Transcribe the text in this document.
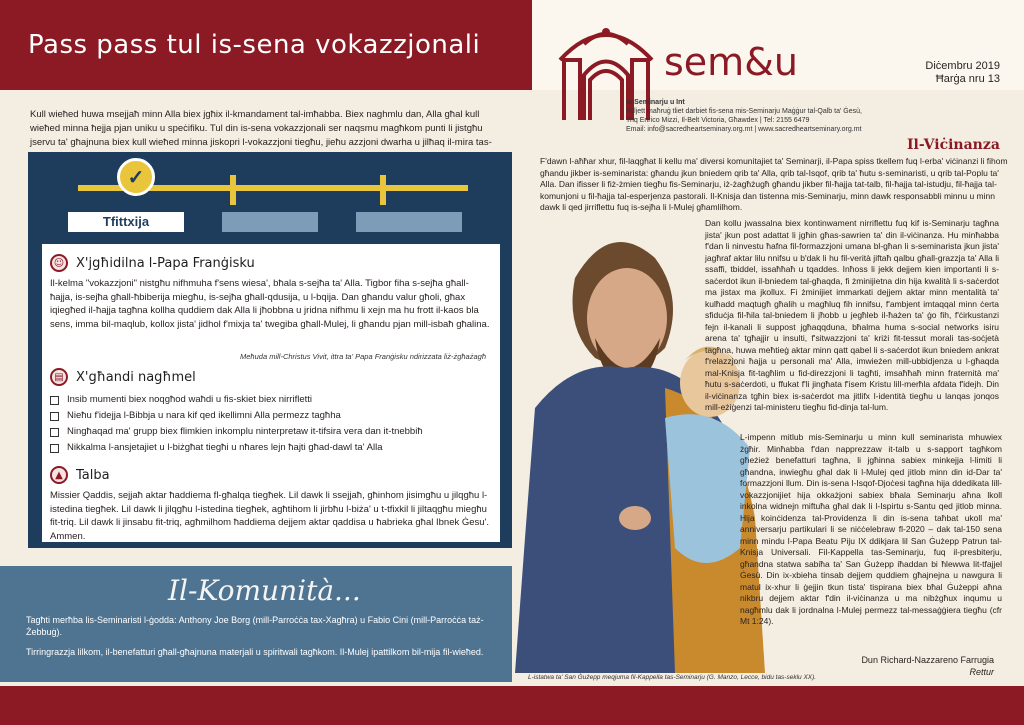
Pass pass tul is-sena vokazzjonali	sem&u	Diċembru 2019
Ħarġa nru 13
Is-Seminarju u Int
Fuljett maħruġ tliet darbiet fis-sena mis-Seminarju Maġġur tal-Qalb ta' Ġesù,
Triq Enrico Mizzi, Il-Belt Victoria, Għawdex | Tel: 2155 6479
Email: info@sacredheartseminary.org.mt | www.sacredheartseminary.org.mt
Kull wieħed huwa msejjaħ minn Alla biex jgħix il-kmandament tal-imħabba. Biex naghmlu dan, Alla għal kull wieħed minna ħejja pjan uniku u speċifiku. Tul din is-sena vokazzjonali ser naqsmu magħkom punti li jistgħu jservu ta' għajnuna biex kull wieħed minna jiskopri l-vokazzjoni tiegħu, jieħu azzjoni dwarha u jilħaq il-mira tas-
✓
Tfittxija
☺ X'jgħidilna l-Papa Franġisku

Il-kelma "vokazzjoni" nistgħu nifhmuha f'sens wiesa', bħala s-sejħa ta' Alla. Tigbor fiha s-sejħa għall-ħajja, is-sejħa għall-ħbiberija miegħu, is-sejħa għall-qdusija, u l-bqija. Dan għandu valur għoli, għax iqiegħed il-ħajja tagħna kollha quddiem dak Alla li jħobbna u jridna nifhmu li xejn ma hu frott il-kaos bla sens, imma bil-maqlub, kollox jista' jidhol f'mixja ta' twegiba għall-Mulej, li għandu pjan mill-isbaħ għalina.

Meħuda mill-Christus Vivit, ittra ta' Papa Franġisku ndirizzata liż-żgħażagħ
▤ X'għandi nagħmel
Insib mumenti biex noqgħod waħdi u fis-skiet biex nirrifletti
Nieħu f'idejja l-Bibbja u nara kif qed ikellimni Alla permezz tagħha
Ningħaqad ma' grupp biex flimkien inkomplu ninterpretaw it-tifsira vera dan it-tnebbiħ
Nikkalma l-ansjetajiet u l-biżgħat tiegħi u nħares lejn ħajti għad-dawl ta' Alla
▲	Talba

Missier Qaddis, sejjaħ aktar ħaddiema fl-għalqa tiegħek. Lil dawk li ssejjaħ, għinhom jisimgħu u jilqgħu l-istedina tiegħek. Lil dawk li jilqgħu l-istedina tiegħek, agħtihom li jirbħu l-biża' u t-tfixkil li jiltaqgħu miegħu fit-triq. Lil dawk li jinsabu fit-triq, agħmilhom ħaddiema dejjem aktar qaddisa u ħabrieka għal Ibnek Ġesu'. Ammen.

Il-Komunità...

Tagħti merħba lis-Seminaristi l-ġodda: Anthony Joe Borg (mill-Parroċċa tax-Xagħra) u Fabio Cini (mill-Parroċċa taż-Żebbuġ).

Tirringrazzja lilkom, il-benefatturi għall-għajnuna materjali u spiritwali tagħkom. Il-Mulej ipattilkom bil-mija fil-wieħed.

Il-Viċinanza
F'dawn l-aħħar xhur, fil-laqgħat li kellu ma' diversi komunitajiet ta' Seminarji, il-Papa spiss tkellem fuq l-erba' viċinanzi li fihom għandu jikber is-seminarista: għandu jkun bniedem qrib ta' Alla, qrib tal-Isqof, qrib ta' ħutu s-seminaristi, u qrib tal-Poplu ta' Alla. Dan ifisser li fiż-żmien tiegħu fis-Seminarju, iż-żagħżugħ għandu jikber fil-ħajja tat-talb, fil-ħajja tal-istudju, fil-ħajja tal-komunjoni u fil-ħajja tal-esperjenza pastorali. Il-Knisja dan tistenna mis-Seminarju, minn dawk responsabbli minnu u minn dawk li qed jirriflettu fuq is-sejħa li l-Mulej għamlilhom.
Dan kollu jwassalna biex kontinwament nirriflettu fuq kif is-Seminarju tagħna jista' jkun post adattat li jgħin għas-sawrien ta' din il-viċinanza. Hu minħabba f'dan li ninvestu ħafna fil-formazzjoni umana bl-għan li s-seminarista jkun jista' jagħraf aktar lilu nnifsu u b'dak li hu fil-verità jiftaħ qalbu għall-grazzja ta' Alla li ssaffi, tbiddel, issaħħaħ u tqaddes. Inħoss li jekk dejjem kien importanti li s-saċerdot ikun il-bniedem tal-għaqda, fi żminijietna din hija kwalità li s-saċerdot ma jistax ma jkollux. Fi żminijiet immarkati dejjem aktar minn mentalità ta' kulħadd maqtugħ għalih u magħluq fih innifsu, f'ambjent imtaqqal minn ċerta sfiduċja fil-ħila tal-bniedem li jħobb u jegħleb il-ħażen ta' ġo fih, f'ċirkustanzi fejn il-kanali li suppost jgħaqqduna, bħalma huma s-social networks isiru arena ta' tgħajjir u insulti, f'sitwazzjoni ta' kriżi fit-tessut morali tas-soċjetà tagħna, huwa meħtieġ aktar minn qatt qabel li s-saċerdot ikun bniedem ankrat f'relazzjoni ħajja u personali ma' Alla, imwieżen mill-ubbidjenza u l-għaqda mal-Knisja fit-tagħlim u fid-direzzjoni li tagħti, imsaħħaħ minn fraternità ma' ħutu s-saċerdoti, u ffukat f'li jingħata f'isem Kristu lill-merħla afdata f'idejh. Din il-viċinanza tgħin biex is-saċerdot ma jitlifx l-identità tiegħu u lanqas jonqos mill-eżiġenzi tal-ministeru tiegħu fid-dinja tal-lum.
L-impenn mitlub mis-Seminarju u minn kull seminarista mhuwiex żgħir. Minħabba f'dan napprezzaw it-talb u s-sapport tagħkom għeżież benefatturi tagħna, li jgħinna sabiex minkejja l-limiti li għandna, inwiegħu għal dak li l-Mulej qed jitlob minn din id-Dar ta' formazzjoni llum. Din is-sena l-Isqof-Djoċesi tagħna hija ddedikata lill-vokazzjonijiet hija okkażjoni sabiex bħala Seminarju aħna lkoll inkolna widnejn miftuħa għal dak li l-Ispirtu s-Santu qed jitlob minna. Hija koinċidenza tal-Providenza li din is-sena taħbat ukoll ma' anniversarju partikulari li se niċċelebraw fl-2020 – dak tal-150 sena minn mindu l-Papa Beatu Piju IX ddikjara lil San Ġużepp Patrun tal-Knisja Universali. Fil-Kappella tas-Seminarju, fuq il-presbiterju, għandna statwa sabiħa ta' San Ġużepp iħaddan bi ħlewwa lit-tfajjel Ġesù. Din ix-xbieha tinsab dejjem quddiem għajnejna u nawgura li matul ix-xhur li ġejjin tkun tista' tispirana biex bħal Ġużeppi aħna nikbru dejjem aktar f'din il-viċinanza u ma nibżgħux inqumu u nagħmlu dak li jordnalna l-Mulej permezz tal-messaġġiera tiegħu (cfr Mt 1:24).
L-istatwa ta' San Ġużepp meqjuma fil-Kappella tas-Seminarju (G. Manzo, Lecce, bidu tas-seklu XX).
Dun Richard-Nazzareno Farrugia
Rettur
